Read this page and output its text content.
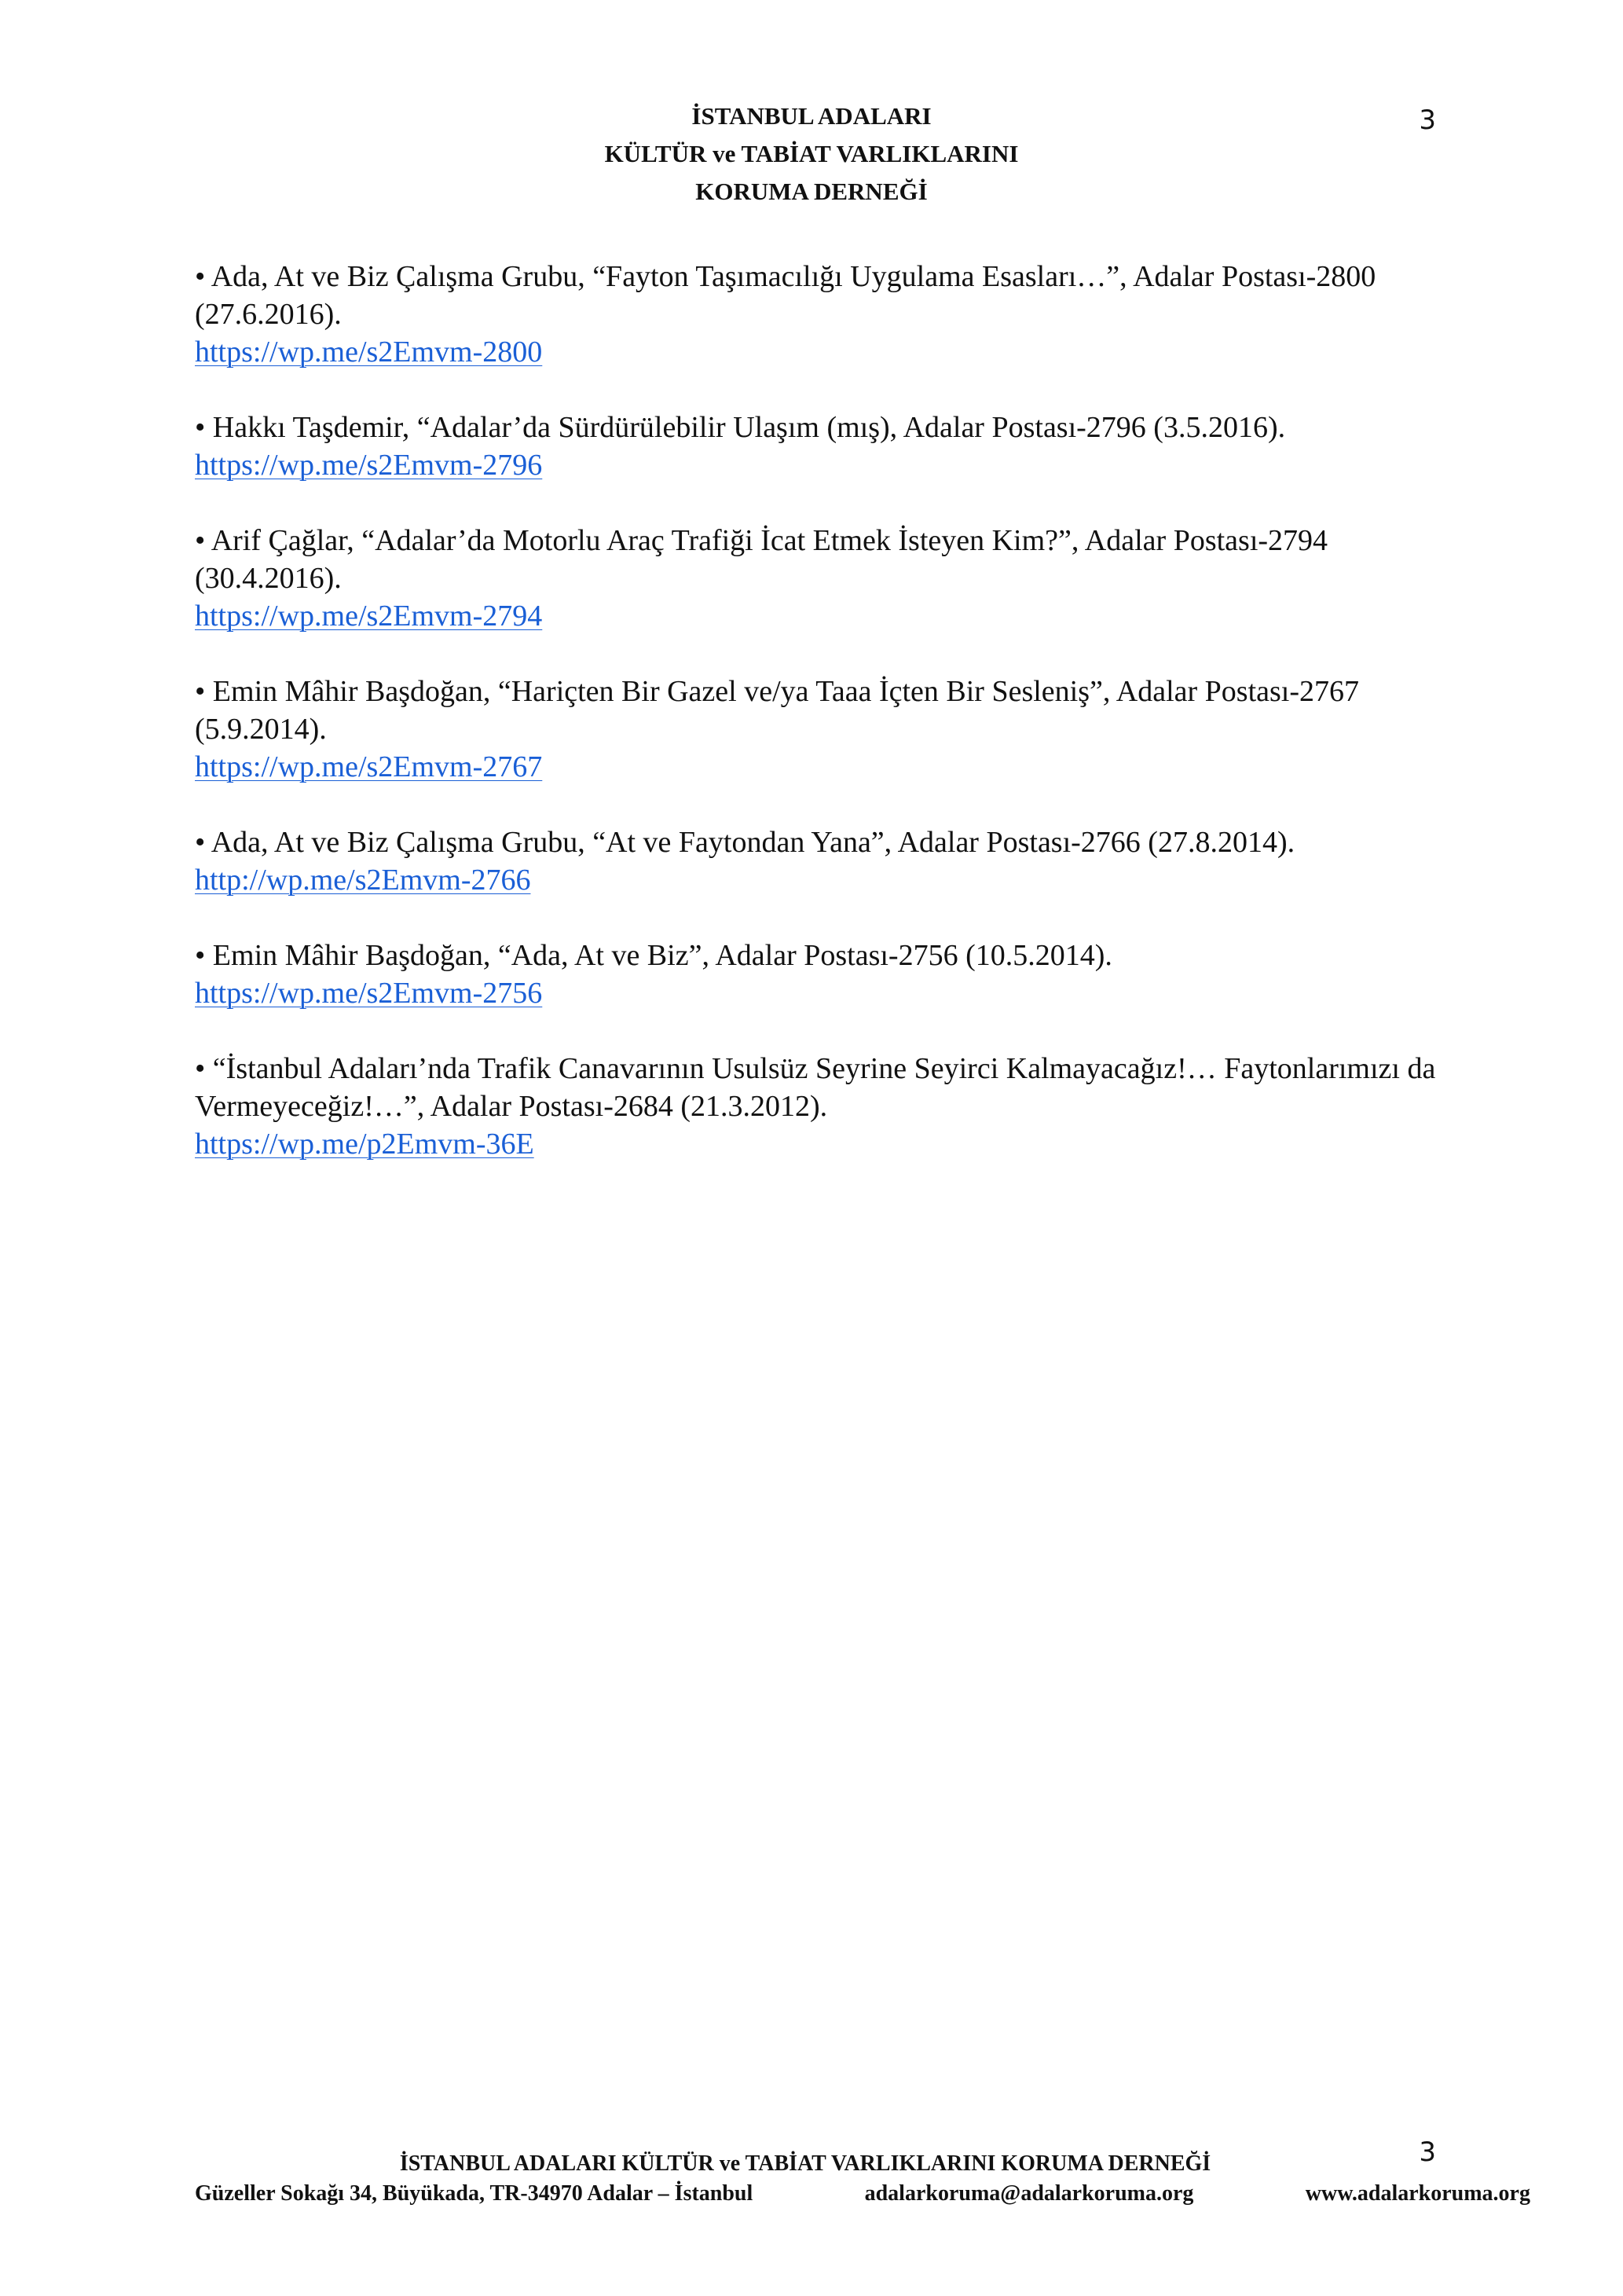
3
İSTANBUL ADALARI
KÜLTÜR ve TABİAT VARLIKLARINI
KORUMA DERNEĞİ
• Ada, At ve Biz Çalışma Grubu, “Fayton Taşımacılığı Uygulama Esasları…”, Adalar Postası-2800 (27.6.2016).
https://wp.me/s2Emvm-2800
• Hakkı Taşdemir, “Adalar’da Sürdürülebilir Ulaşım (mış), Adalar Postası-2796 (3.5.2016).
https://wp.me/s2Emvm-2796
• Arif Çağlar, “Adalar’da Motorlu Araç Trafiği İcat Etmek İsteyen Kim?”, Adalar Postası-2794 (30.4.2016).
https://wp.me/s2Emvm-2794
• Emin Mâhir Başdoğan, “Hariçten Bir Gazel ve/ya Taaa İçten Bir Sesleniş”, Adalar Postası-2767 (5.9.2014).
https://wp.me/s2Emvm-2767
• Ada, At ve Biz Çalışma Grubu, “At ve Faytondan Yana”, Adalar Postası-2766 (27.8.2014).
http://wp.me/s2Emvm-2766
• Emin Mâhir Başdoğan, “Ada, At ve Biz”, Adalar Postası-2756 (10.5.2014).
https://wp.me/s2Emvm-2756
• “İstanbul Adaları’nda Trafik Canavarının Usulsüz Seyrine Seyirci Kalmayacağız!… Faytonlarımızı da Vermeyeceğiz!…”, Adalar Postası-2684 (21.3.2012).
https://wp.me/p2Emvm-36E
3
İSTANBUL ADALARI KÜLTÜR ve TABİAT VARLIKLARINI KORUMA DERNEĞİ
Güzeller Sokağı 34, Büyükada, TR-34970 Adalar – İstanbul	adalarkoruma@adalarkoruma.org	www.adalarkoruma.org
